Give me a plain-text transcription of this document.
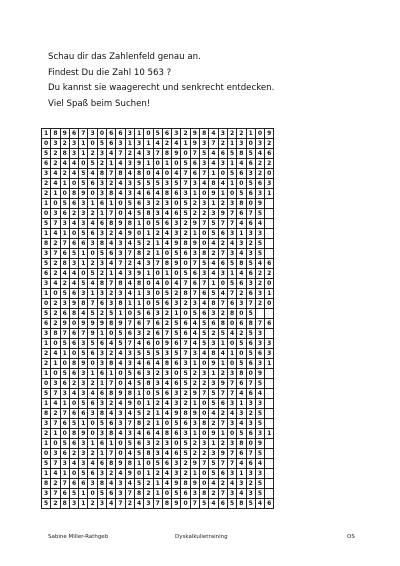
Schau dir das Zahlenfeld genau an.
Findest Du die Zahl 10 563 ?
Du kannst sie waagerecht und senkrecht entdecken.
Viel Spaß beim Suchen!
1	8	9	6	7	3	0	6	6	3	1	0	5	6	3	2	9	8	4	3	2	2	1	0	9
0	3	2	3	1	0	5	6	3	1	3	1	4	2	4	1	9	3	7	2	1	3	0	3	2
5	2	8	3	1	2	3	4	7	2	4	3	7	8	9	0	7	5	4	6	5	8	5	4	6
6	2	4	4	0	5	2	1	4	3	9	1	0	1	0	5	6	3	4	3	1	4	6	2	2
3	4	2	4	5	4	8	7	8	4	8	0	4	0	4	7	6	7	1	0	5	6	3	2	0
2	4	1	0	5	6	3	2	4	3	5	5	5	3	5	7	3	4	8	4	1	0	5	6	3
2	1	0	8	9	0	3	8	4	3	4	6	4	8	6	3	1	0	9	1	0	5	6	3	1
1	0	5	6	3	1	6	1	0	5	6	3	2	3	0	5	2	3	1	2	3	8	0	9	
0	3	6	2	3	2	1	7	0	4	5	8	3	4	6	5	2	2	3	9	7	6	7	5	
5	7	3	4	3	4	6	8	9	8	1	0	5	6	3	2	9	7	5	7	7	4	6	4	
1	4	1	0	5	6	3	2	4	9	0	1	2	4	3	2	1	0	5	6	3	1	3	3	
8	2	7	6	6	3	8	4	3	4	5	2	1	4	9	8	9	0	4	2	4	3	2	5	
3	7	6	5	1	0	5	6	3	7	8	2	1	0	5	6	3	8	2	7	3	4	3	5	
5	2	8	3	1	2	3	4	7	2	4	3	7	8	9	0	7	5	4	6	5	8	5	4	6
6	2	4	4	0	5	2	1	4	3	9	1	0	1	0	5	6	3	4	3	1	4	6	2	2
3	4	2	4	5	4	8	7	8	4	8	0	4	0	4	7	6	7	1	0	5	6	3	2	0
1	0	5	6	3	1	3	2	3	4	1	3	0	5	2	8	7	6	5	4	7	2	6	3	1
0	2	3	9	8	7	6	3	8	1	1	0	5	6	3	2	3	4	8	7	6	3	7	2	0
5	2	6	8	4	5	2	5	1	0	5	6	3	2	1	0	5	6	3	2	8	0	5		
6	2	9	0	9	9	9	8	9	7	6	7	6	2	5	6	4	5	6	8	0	6	8	7	6
3	8	7	6	7	9	1	0	5	6	3	2	6	7	5	6	4	5	2	5	4	2	5	3	
1	0	5	6	3	5	6	4	5	7	4	6	0	9	6	7	4	5	3	1	0	5	6	3	3
2	4	1	0	5	6	3	2	4	3	5	5	5	3	5	7	3	4	8	4	1	0	5	6	3
2	1	0	8	9	0	3	8	4	3	4	6	4	8	6	3	1	0	9	1	0	5	6	3	1
1	0	5	6	3	1	6	1	0	5	6	3	2	3	0	5	2	3	1	2	3	8	0	9	
0	3	6	2	3	2	1	7	0	4	5	8	3	4	6	5	2	2	3	9	7	6	7	5	
5	7	3	4	3	4	6	8	9	8	1	0	5	6	3	2	9	7	5	7	7	4	6	4	
1	4	1	0	5	6	3	2	4	9	0	1	2	4	3	2	1	0	5	6	3	1	3	3	
8	2	7	6	6	3	8	4	3	4	5	2	1	4	9	8	9	0	4	2	4	3	2	5	
3	7	6	5	1	0	5	6	3	7	8	2	1	0	5	6	3	8	2	7	3	4	3	5	
2	1	0	8	9	0	3	8	4	3	4	6	4	8	6	3	1	0	9	1	0	5	6	3	1
1	0	5	6	3	1	6	1	0	5	6	3	2	3	0	5	2	3	1	2	3	8	0	9	
0	3	6	2	3	2	1	7	0	4	5	8	3	4	6	5	2	2	3	9	7	6	7	5	
5	7	3	4	3	4	6	8	9	8	1	0	5	6	3	2	9	7	5	7	7	4	6	4	
1	4	1	0	5	6	3	2	4	9	0	1	2	4	3	2	1	0	5	6	3	1	3	3	
8	2	7	6	6	3	8	4	3	4	5	2	1	4	9	8	9	0	4	2	4	3	2	5	
3	7	6	5	1	0	5	6	3	7	8	2	1	0	5	6	3	8	2	7	3	4	3	5	
5	2	8	3	1	2	3	4	7	2	4	3	7	8	9	0	7	5	4	6	5	8	5	4	6
Sabine Miller-Rathgeb	Dyskalkulietraining	OS
